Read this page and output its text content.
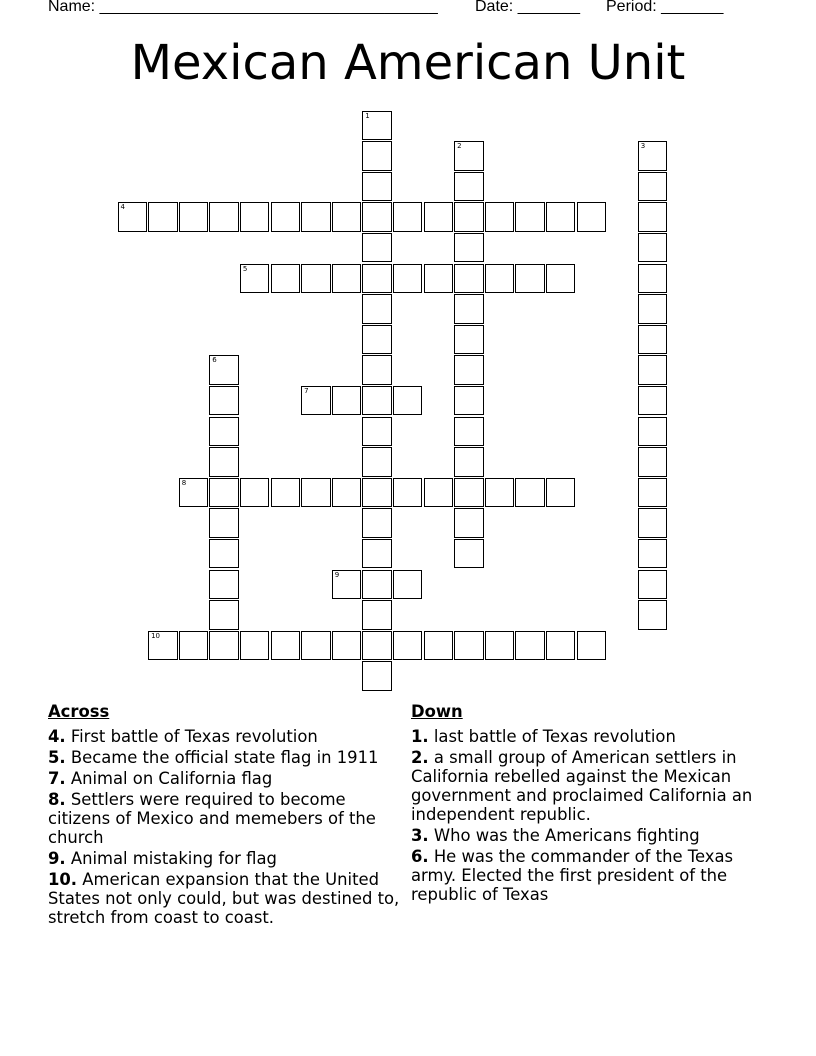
Name: ______________________________________ Date: _______ Period: _______
Mexican American Unit
1
2	3
4
5
6
7
8
9
10
Across
4. First battle of Texas revolution
5. Became the official state flag in 1911
7. Animal on California flag
8. Settlers were required to become citizens of Mexico and memebers of the church
9. Animal mistaking for flag
10. American expansion that the United States not only could, but was destined to, stretch from coast to coast.
Down
1. last battle of Texas revolution
2. a small group of American settlers in California rebelled against the Mexican government and proclaimed California an independent republic.
3. Who was the Americans fighting
6. He was the commander of the Texas army. Elected the first president of the republic of Texas
